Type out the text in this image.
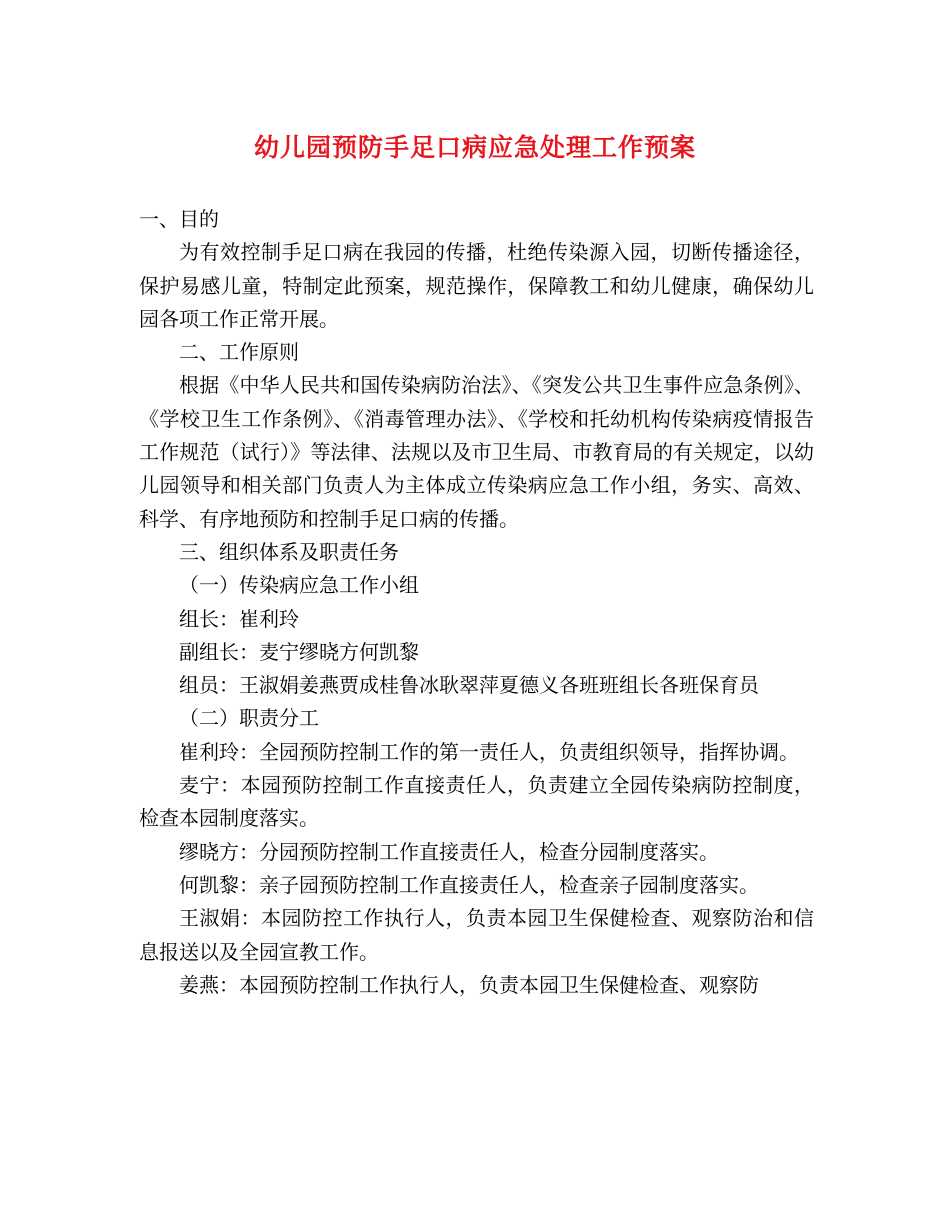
幼儿园预防手足口病应急处理工作预案

一、目的

为有效控制手足口病在我园的传播，杜绝传染源入园，切断传播途径，保护易感儿童，特制定此预案，规范操作，保障教工和幼儿健康，确保幼儿园各项工作正常开展。

二、工作原则

根据《中华人民共和国传染病防治法》、《突发公共卫生事件应急条例》、《学校卫生工作条例》、《消毒管理办法》、《学校和托幼机构传染病疫情报告工作规范（试行）》等法律、法规以及市卫生局、市教育局的有关规定，以幼儿园领导和相关部门负责人为主体成立传染病应急工作小组，务实、高效、科学、有序地预防和控制手足口病的传播。

三、组织体系及职责任务

（一）传染病应急工作小组

组长：崔利玲

副组长：麦宁缪晓方何凯黎

组员：王淑娟姜燕贾成桂鲁冰耿翠萍夏德义各班班组长各班保育员

（二）职责分工

崔利玲：全园预防控制工作的第一责任人，负责组织领导，指挥协调。

麦宁：本园预防控制工作直接责任人，负责建立全园传染病防控制度，检查本园制度落实。

缪晓方：分园预防控制工作直接责任人，检查分园制度落实。

何凯黎：亲子园预防控制工作直接责任人，检查亲子园制度落实。

王淑娟：本园防控工作执行人，负责本园卫生保健检查、观察防治和信息报送以及全园宣教工作。

姜燕：本园预防控制工作执行人，负责本园卫生保健检查、观察防
